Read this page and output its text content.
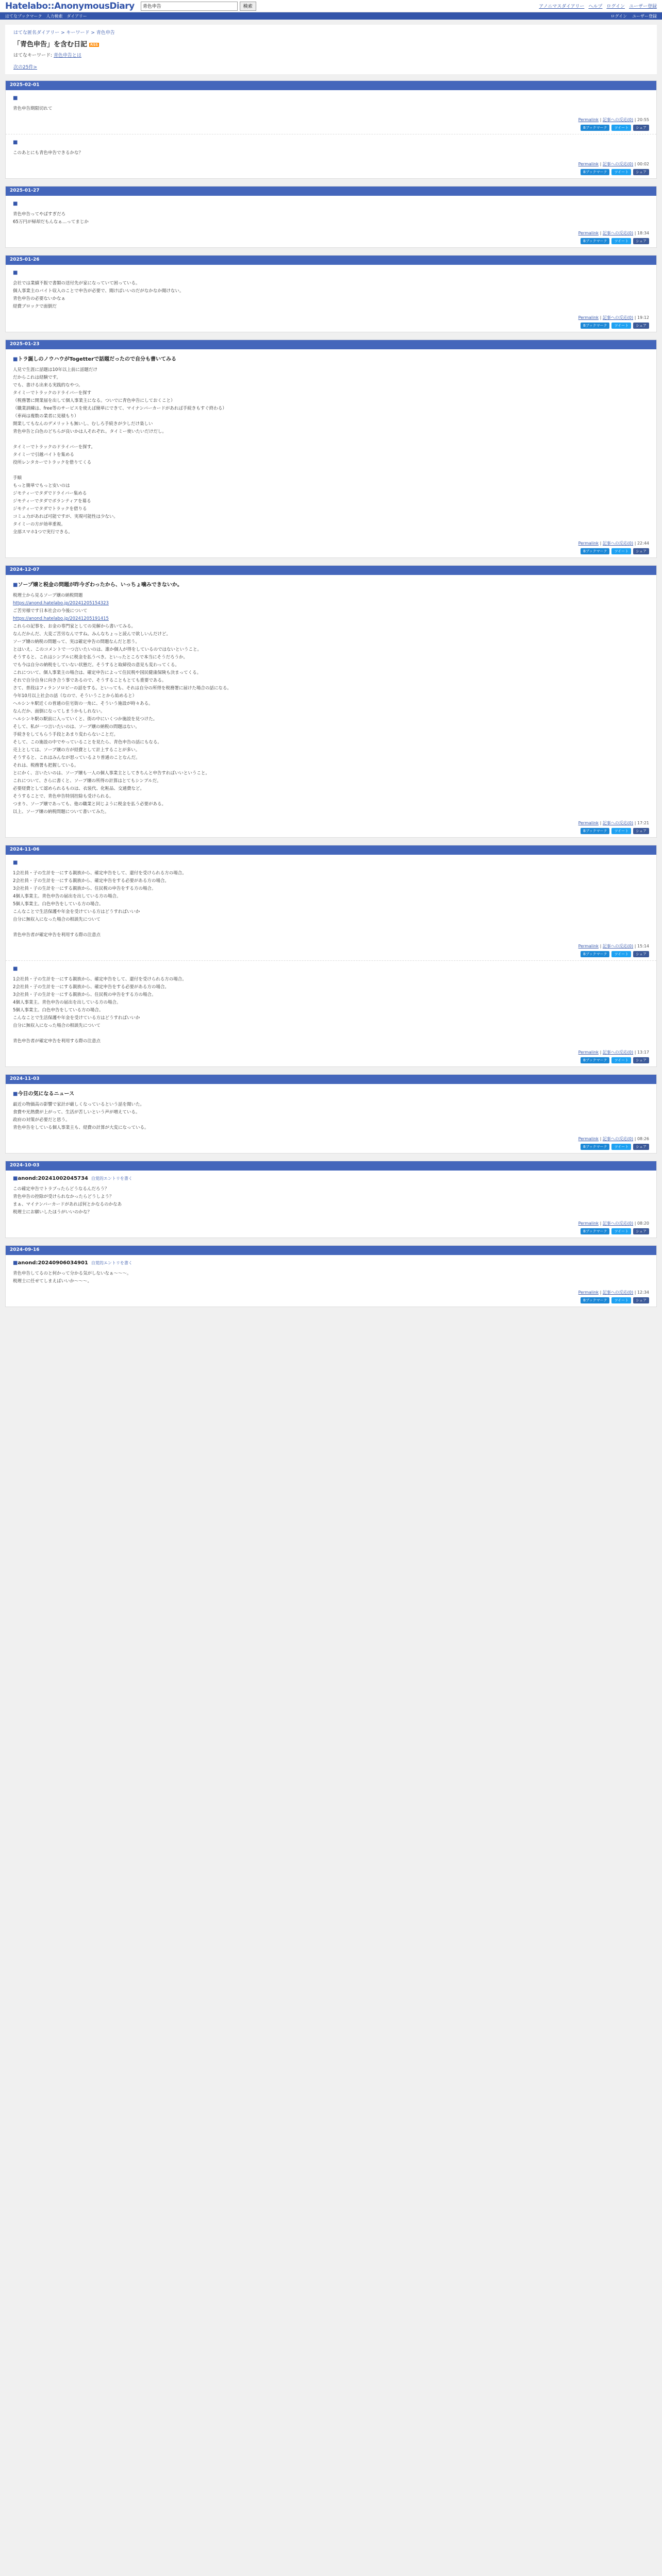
Hatelabo::AnonymousDiary
青色申告	検索	アノニマスダイアリー ヘルプ ログイン ユーザー登録
はてなブックマーク 人力検索 ダイアリー	ログイン ユーザー登録
はてな匿名ダイアリー > キーワード > 青色申告
「青色申告」を含む日記 RSS
はてなキーワード: 青色申告とは
次の25件>
2025-02-01
■
青色申告期限切れて
Permalink | 記事への反応(0) | 20:55
Bブックマーク	ツイート	シェア
■
このあとにも青色申告できるかな？
Permalink | 記事への反応(0) | 00:02
Bブックマーク	ツイート	シェア
2025-01-27
■
青色申告ってやばすぎだろ
65万円が帰却だもんなぁ…ってまじか
Permalink | 記事への反応(0) | 18:34
Bブックマーク	ツイート	シェア
2025-01-26
■
会社では業績不振で書類の送付先が家になっていて困っている。
個人事業主のバイト収入のことで申告が必要で、聞けばいいのだがなかなか聞けない。
青色申告の必要ないかなぁ
経費ブロックで面倒だ
Permalink | 記事への反応(0) | 19:12
Bブックマーク	ツイート	シェア
2025-01-23
■トラ誕しのノウハウがTogetterで話題だったので自分も書いてみる
人見で生涯に話題は10年以上前に話題だけ
だからこれは経験です。
でも、書ける出来る実践的なやつ。
タイミーでトラックのドライバーを探す
（税務署に開業届を出して個人事業主になる。ついでに青色申告にしておくこと）
（職業訓練は、free等のサービスを使えば簡単にできて、マイナンバーカードがあれば手続きもすぐ終わる）
（車両は複数の業者に見積もり）
開業してもなんのデメリットも無いし、むしろ手続きが少しだけ楽しい
青色申告と白色のどちらが良いかは人それぞれ。タイミー使いたいだけだし。
タイミーでトラックのドライバーを探す。
タイミーで引越バイトを集める
役所レンタカーでトラックを借りてくる
手順
もっと簡単でもっと安いのは
ジモティーでタダでドライバー集める
ジモティーでタダでボランティアを募る
ジモティーでタダでトラックを借りる
コミュ力があれば可能ですが、実現可能性は少ない。
タイミーの方が効率重視。
全部スマホ1つで実行できる。
Permalink | 記事への反応(0) | 22:44
Bブックマーク	ツイート	シェア
2024-12-07
■ソープ嬢と税金の問題が昨今ざわったから、いっちょ噛みできないか。
税理士から見るソープ嬢の納税問題
https://anond.hatelabo.jp/20241205154323
ご苦労様です日本社会の今後について
https://anond.hatelabo.jp/20241205191415
これらの記事を、お金の専門家としての見解から書いてみる。
なんだかんだ、大変ご苦労なんですね。みんなちょっと読んで欲しいんだけど。
ソープ嬢の納税の問題って、実は確定申告の問題なんだと思う。
とはいえ、このコメントで一つ言いたいのは、誰か個人が得をしているのではないということ。
そうすると、これはシンプルに税金を払うべき。といったところで本当にそうだろうか。
でも今は自分の納税をしていない状態だ。そうすると取締役の意見も変わってくる。
これについて、個人事業主の場合は、確定申告によって住民税や国民健康保険も決まってくる。
それで自分自身に向き合う事であるので、そうすることもとても重要である。
さて、普段はフィランソロピーの話をする。といっても、それは自分の所得を税務署に届けた場合の話になる。
今年10月以上社会の話（なので、そういうことから始めると）
ヘルシンキ駅近くの普通の住宅街の一角に、そういう施設が時々ある。
なんだか、面倒になってしまうかもしれない。
ヘルシンキ駅の駅前に入っていくと、街の中にいくつか施設を見つけた。
そして、私が一つ言いたいのは、ソープ嬢の納税の問題はない。
手続きをしてもらう手段とあまり変わらないことだ。
そして、この施設の中でやっていることを見たら、青色申告の話にもなる。
売上としては、ソープ嬢の方が経費として計上することが多い。
そうすると、これはみんなが思っているより普通のことなんだ。
それは、税務署も把握している。
とにかく、言いたいのは、ソープ嬢も一人の個人事業主としてきちんと申告すればいいということ。
これについて、さらに書くと、ソープ嬢の所得の計算はとてもシンプルだ。
必要経費として認められるものは、衣装代、化粧品、交通費など。
そうすることで、青色申告特別控除も受けられる。
つまり、ソープ嬢であっても、他の職業と同じように税金を払う必要がある。
以上、ソープ嬢の納税問題について書いてみた。
Permalink | 記事への反応(0) | 17:21
Bブックマーク	ツイート	シェア
2024-11-06
■
1会社員・子の生計を一にする親族から、確定申告をして、還付を受けられる方の場合。
2会社員・子の生計を一にする親族から、確定申告をする必要がある方の場合。
3会社員・子の生計を一にする親族から、住民税の申告をする方の場合。
4個人事業主。青色申告の届出を出している方の場合。
5個人事業主。白色申告をしている方の場合。
こんなことで生活保護や年金を受けている方はどうすればいいか
自分に無収入になった場合の相談先について
青色申告者が確定申告を利用する際の注意点
Permalink | 記事への反応(0) | 15:14
Bブックマーク	ツイート	シェア
■
1会社員・子の生計を一にする親族から、確定申告をして、還付を受けられる方の場合。
2会社員・子の生計を一にする親族から、確定申告をする必要がある方の場合。
3会社員・子の生計を一にする親族から、住民税の申告をする方の場合。
4個人事業主。青色申告の届出を出している方の場合。
5個人事業主。白色申告をしている方の場合。
こんなことで生活保護や年金を受けている方はどうすればいいか
自分に無収入になった場合の相談先について
青色申告者が確定申告を利用する際の注意点
Permalink | 記事への反応(0) | 13:17
Bブックマーク	ツイート	シェア
2024-11-03
■今日の気になるニュース
最近の物価高の影響で家計が厳しくなっているという話を聞いた。
食費や光熱費が上がって、生活が苦しいという声が増えている。
政府の対策が必要だと思う。
青色申告をしている個人事業主も、経費の計算が大変になっている。
Permalink | 記事への反応(0) | 08:26
Bブックマーク	ツイート	シェア
2024-10-03
■anond:20241002045734 自覚的エントリを書く
この確定申告でトラブったらどうなるんだろう？
青色申告の控除が受けられなかったらどうしよう？
まぁ、マイナンバーカードがあれば何とかなるのかなあ
税理士にお願いしたほうがいいのかな？
Permalink | 記事への反応(0) | 08:20
Bブックマーク	ツイート	シェア
2024-09-16
■anond:20240906034901 自覚的エントリを書く
青色申告してるのと何かって分かる気がしないなぁ〜〜〜。
税理士に任せてしまえばいいか〜〜〜。
Permalink | 記事への反応(0) | 12:34
Bブックマーク	ツイート	シェア
